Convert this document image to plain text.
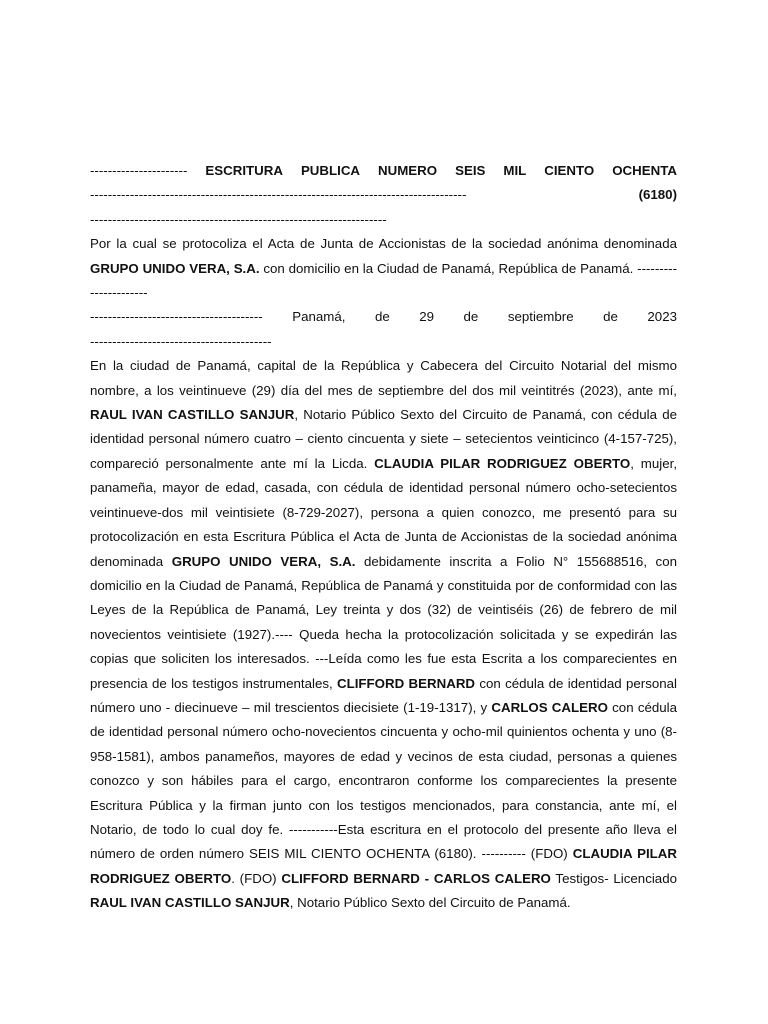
---------------------- ESCRITURA PUBLICA NUMERO SEIS MIL CIENTO OCHENTA
-------------------------------------------------------------------------------------	(6180)
-------------------------------------------------------------------
Por la cual se protocoliza el Acta de Junta de Accionistas de la sociedad anónima denominada GRUPO UNIDO VERA, S.A. con domicilio en la Ciudad de Panamá, República de Panamá. ----------------------
--------------------------------------- Panamá, de 29 de septiembre de 2023
-----------------------------------------
En la ciudad de Panamá, capital de la República y Cabecera del Circuito Notarial del mismo nombre, a los veintinueve (29) día del mes de septiembre del dos mil veintitrés (2023), ante mí, RAUL IVAN CASTILLO SANJUR, Notario Público Sexto del Circuito de Panamá, con cédula de identidad personal número cuatro – ciento cincuenta y siete – setecientos veinticinco (4-157-725), compareció personalmente ante mí la Licda. CLAUDIA PILAR RODRIGUEZ OBERTO, mujer, panameña, mayor de edad, casada, con cédula de identidad personal número ocho-setecientos veintinueve-dos mil veintisiete (8-729-2027), persona a quien conozco, me presentó para su protocolización en esta Escritura Pública el Acta de Junta de Accionistas de la sociedad anónima denominada GRUPO UNIDO VERA, S.A. debidamente inscrita a Folio N° 155688516, con domicilio en la Ciudad de Panamá, República de Panamá y constituida por de conformidad con las Leyes de la República de Panamá, Ley treinta y dos (32) de veintiséis (26) de febrero de mil novecientos veintisiete (1927).---- Queda hecha la protocolización solicitada y se expedirán las copias que soliciten los interesados. ---Leída como les fue esta Escrita a los comparecientes en presencia de los testigos instrumentales, CLIFFORD BERNARD con cédula de identidad personal número uno - diecinueve – mil trescientos diecisiete (1-19-1317), y CARLOS CALERO con cédula de identidad personal número ocho-novecientos cincuenta y ocho-mil quinientos ochenta y uno (8-958-1581), ambos panameños, mayores de edad y vecinos de esta ciudad, personas a quienes conozco y son hábiles para el cargo, encontraron conforme los comparecientes la presente Escritura Pública y la firman junto con los testigos mencionados, para constancia, ante mí, el Notario, de todo lo cual doy fe. -----------Esta escritura en el protocolo del presente año lleva el número de orden número SEIS MIL CIENTO OCHENTA (6180). ---------- (FDO) CLAUDIA PILAR RODRIGUEZ OBERTO. (FDO) CLIFFORD BERNARD - CARLOS CALERO Testigos- Licenciado RAUL IVAN CASTILLO SANJUR, Notario Público Sexto del Circuito de Panamá.
